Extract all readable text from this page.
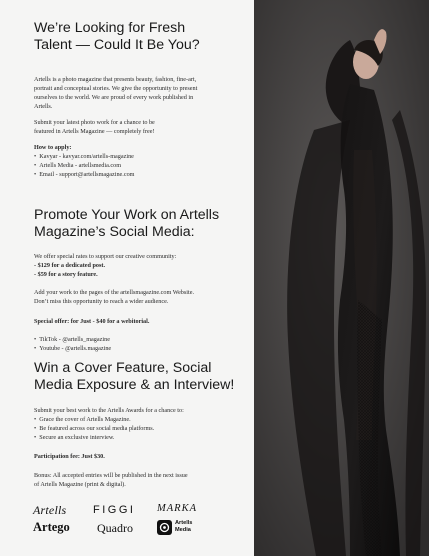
We’re Looking for Fresh
Talent — Could It Be You?

Artells is a photo magazine that presents beauty, fashion, fine-art,

portrait and conceptual stories. We give the opportunity to present

ourselves to the world. We are proud of every work published in

Artells.

Submit your latest photo work for a chance to be

featured in Artells Magazine — completely free!

How to apply:

•  Kavyar - kavyar.com/artells-magazine

•  Artells Media - artellsmedia.com

•  Email - support@artellsmagazine.com

Promote Your Work on Artells
Magazine’s Social Media:

We offer special rates to support our creative community:

- $129 for a dedicated post.

- $59 for a story feature.

Add your work to the pages of the artellsmagazine.com Website.

Don’t miss this opportunity to reach a wider audience.

Special offer: for Just - $40 for a webitorial.

•  TikTok - @artells_magazine

•  Youtube - @artells.magazine

Win a Cover Feature, Social
Media Exposure & an Interview!

Submit your best work to the Artells Awards for a chance to:

•  Grace the cover of Artells Magazine.

•  Be featured across our social media platforms.

•  Secure an exclusive interview.

Participation fee: Just $30.

Bonus: All accepted entries will be published in the next issue

of Artells Magazine (print & digital).

Artells FIGGI MARKA
Artego Quadro	Artells
Media
